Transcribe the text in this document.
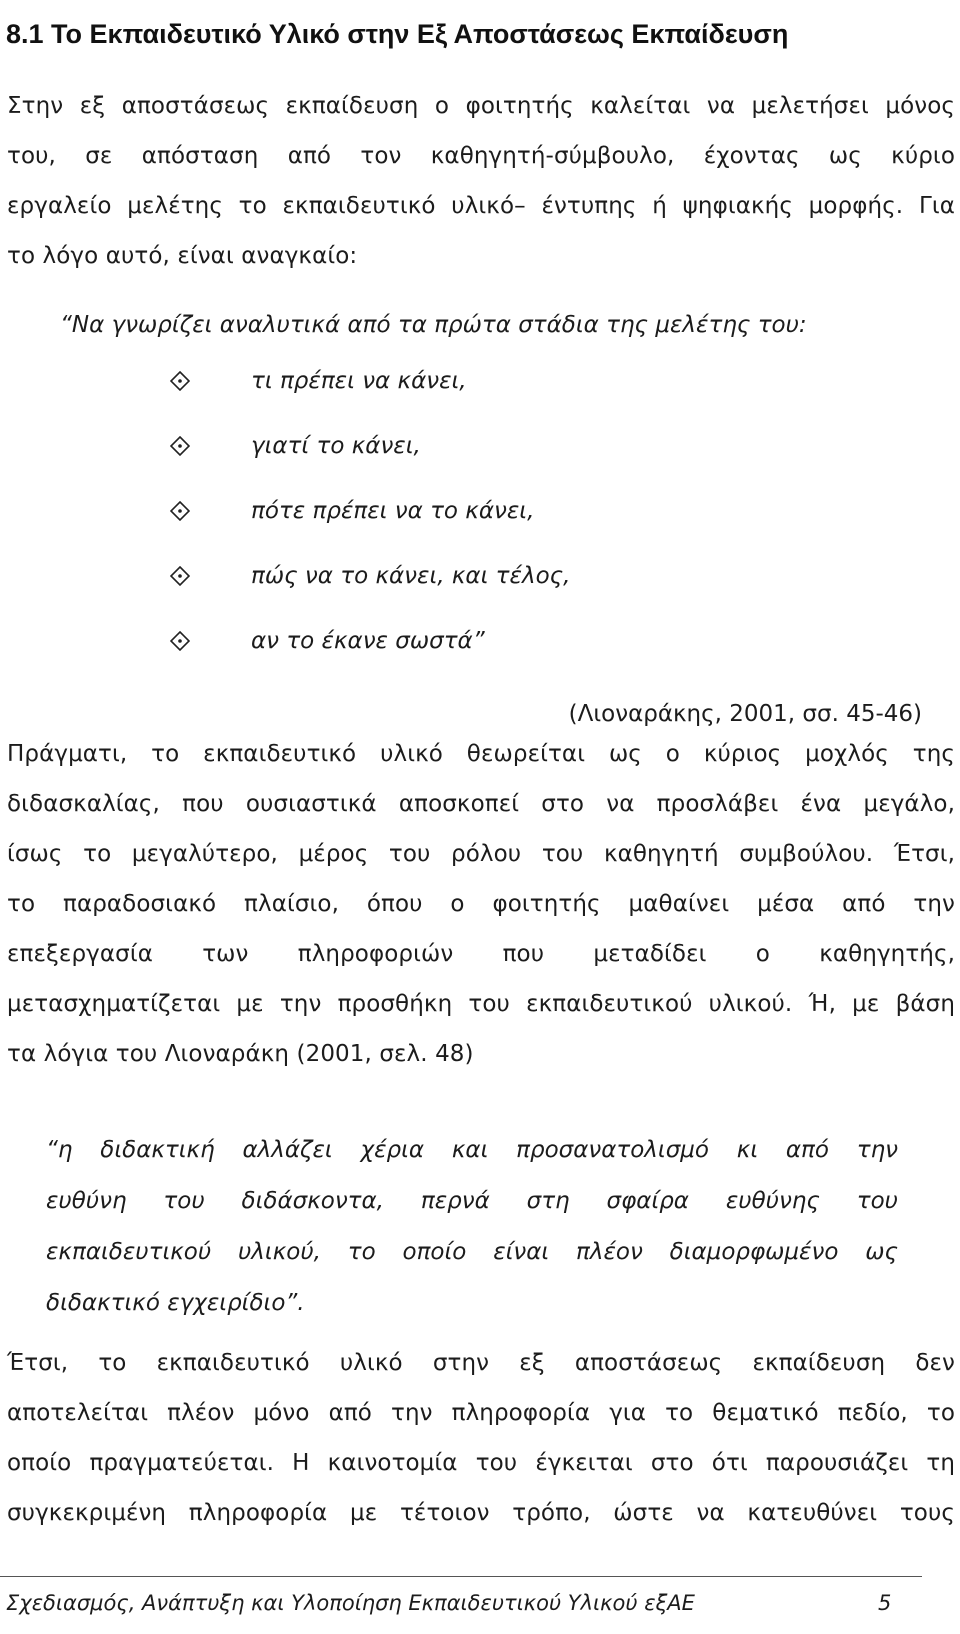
8.1 Το Εκπαιδευτικό Υλικό στην Εξ Αποστάσεως Εκπαίδευση

Στην εξ αποστάσεως εκπαίδευση ο φοιτητής καλείται να μελετήσει μόνος
του, σε απόσταση από τον καθηγητή-σύμβουλο, έχοντας ως κύριο
εργαλείο μελέτης το εκπαιδευτικό υλικό– έντυπης ή ψηφιακής μορφής. Για
το λόγο αυτό, είναι αναγκαίο:

“Να γνωρίζει αναλυτικά από τα πρώτα στάδια της μελέτης του:

τι πρέπει να κάνει,
γιατί το κάνει,
πότε πρέπει να το κάνει,
πώς να το κάνει, και τέλος,
αν το έκανε σωστά”

(Λιοναράκης, 2001, σσ. 45-46)

Πράγματι, το εκπαιδευτικό υλικό θεωρείται ως ο κύριος μοχλός της
διδασκαλίας, που ουσιαστικά αποσκοπεί στο να προσλάβει ένα μεγάλο,
ίσως το μεγαλύτερο, μέρος του ρόλου του καθηγητή συμβούλου. Έτσι,
το παραδοσιακό πλαίσιο, όπου ο φοιτητής μαθαίνει μέσα από την
επεξεργασία των πληροφοριών που μεταδίδει ο καθηγητής,
μετασχηματίζεται με την προσθήκη του εκπαιδευτικού υλικού. Ή, με βάση
τα λόγια του Λιοναράκη (2001, σελ. 48)

“η διδακτική αλλάζει χέρια και προσανατολισμό κι από την
ευθύνη του διδάσκοντα, περνά στη σφαίρα ευθύνης του
εκπαιδευτικού υλικού, το οποίο είναι πλέον διαμορφωμένο ως
διδακτικό εγχειρίδιο”.

Έτσι, το εκπαιδευτικό υλικό στην εξ αποστάσεως εκπαίδευση δεν
αποτελείται πλέον μόνο από την πληροφορία για το θεματικό πεδίο, το
οποίο πραγματεύεται. Η καινοτομία του έγκειται στο ότι παρουσιάζει τη
συγκεκριμένη πληροφορία με τέτοιον τρόπο, ώστε να κατευθύνει τους

Σχεδιασμός, Ανάπτυξη και Υλοποίηση Εκπαιδευτικού Υλικού εξΑΕ	5
